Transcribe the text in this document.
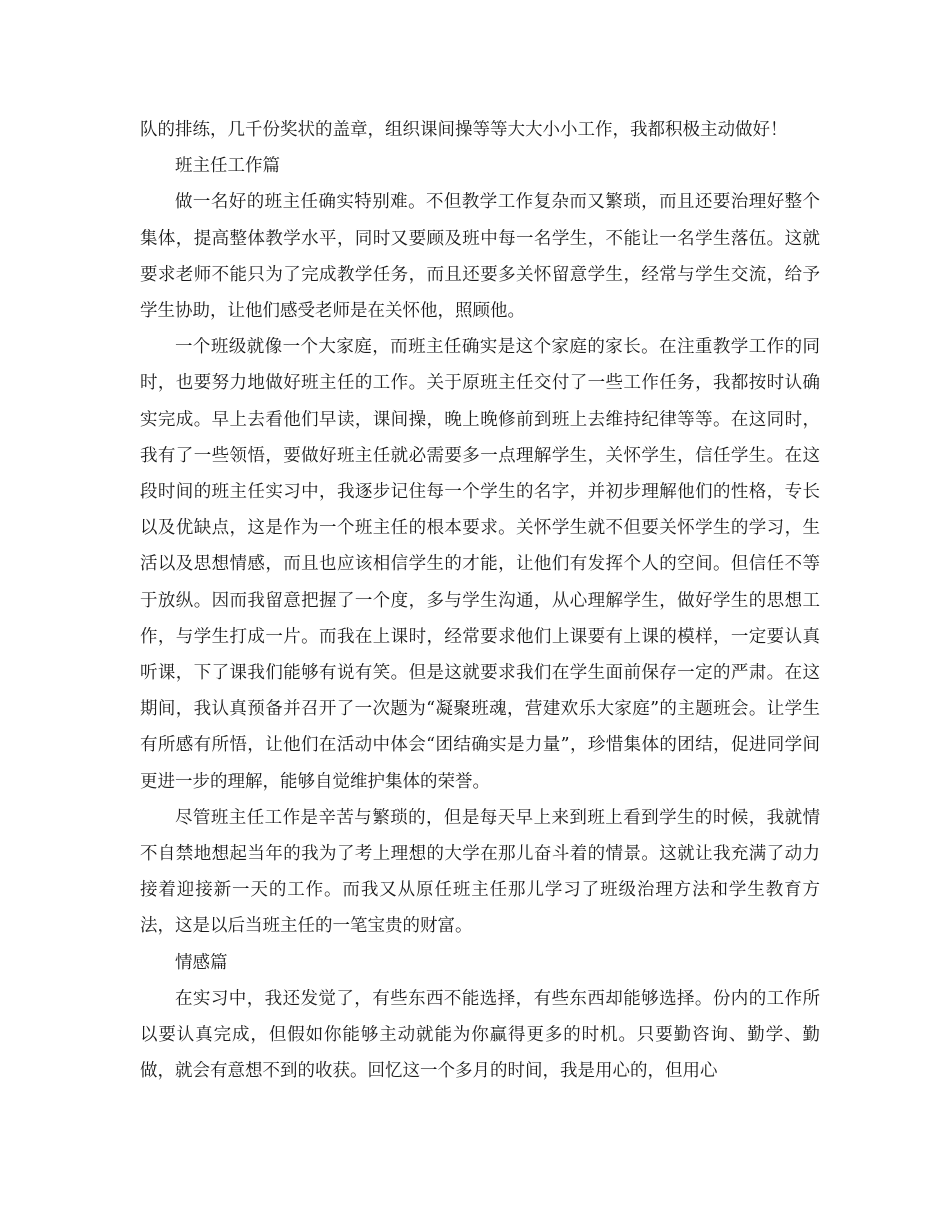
队的排练，几千份奖状的盖章，组织课间操等等大大小小工作，我都积极主动做好！

班主任工作篇

做一名好的班主任确实特别难。不但教学工作复杂而又繁琐，而且还要治理好整个集体，提高整体教学水平，同时又要顾及班中每一名学生，不能让一名学生落伍。这就要求老师不能只为了完成教学任务，而且还要多关怀留意学生，经常与学生交流，给予学生协助，让他们感受老师是在关怀他，照顾他。

一个班级就像一个大家庭，而班主任确实是这个家庭的家长。在注重教学工作的同时，也要努力地做好班主任的工作。关于原班主任交付了一些工作任务，我都按时认确实完成。早上去看他们早读，课间操，晚上晚修前到班上去维持纪律等等。在这同时，我有了一些领悟，要做好班主任就必需要多一点理解学生，关怀学生，信任学生。在这段时间的班主任实习中，我逐步记住每一个学生的名字，并初步理解他们的性格，专长以及优缺点，这是作为一个班主任的根本要求。关怀学生就不但要关怀学生的学习，生活以及思想情感，而且也应该相信学生的才能，让他们有发挥个人的空间。但信任不等于放纵。因而我留意把握了一个度，多与学生沟通，从心理解学生，做好学生的思想工作，与学生打成一片。而我在上课时，经常要求他们上课要有上课的模样，一定要认真听课，下了课我们能够有说有笑。但是这就要求我们在学生面前保存一定的严肃。在这期间，我认真预备并召开了一次题为“凝聚班魂，营建欢乐大家庭”的主题班会。让学生有所感有所悟，让他们在活动中体会“团结确实是力量”，珍惜集体的团结，促进同学间更进一步的理解，能够自觉维护集体的荣誉。

尽管班主任工作是辛苦与繁琐的，但是每天早上来到班上看到学生的时候，我就情不自禁地想起当年的我为了考上理想的大学在那儿奋斗着的情景。这就让我充满了动力接着迎接新一天的工作。而我又从原任班主任那儿学习了班级治理方法和学生教育方法，这是以后当班主任的一笔宝贵的财富。

情感篇

在实习中，我还发觉了，有些东西不能选择，有些东西却能够选择。份内的工作所以要认真完成，但假如你能够主动就能为你赢得更多的时机。只要勤咨询、勤学、勤做，就会有意想不到的收获。回忆这一个多月的时间，我是用心的，但用心
